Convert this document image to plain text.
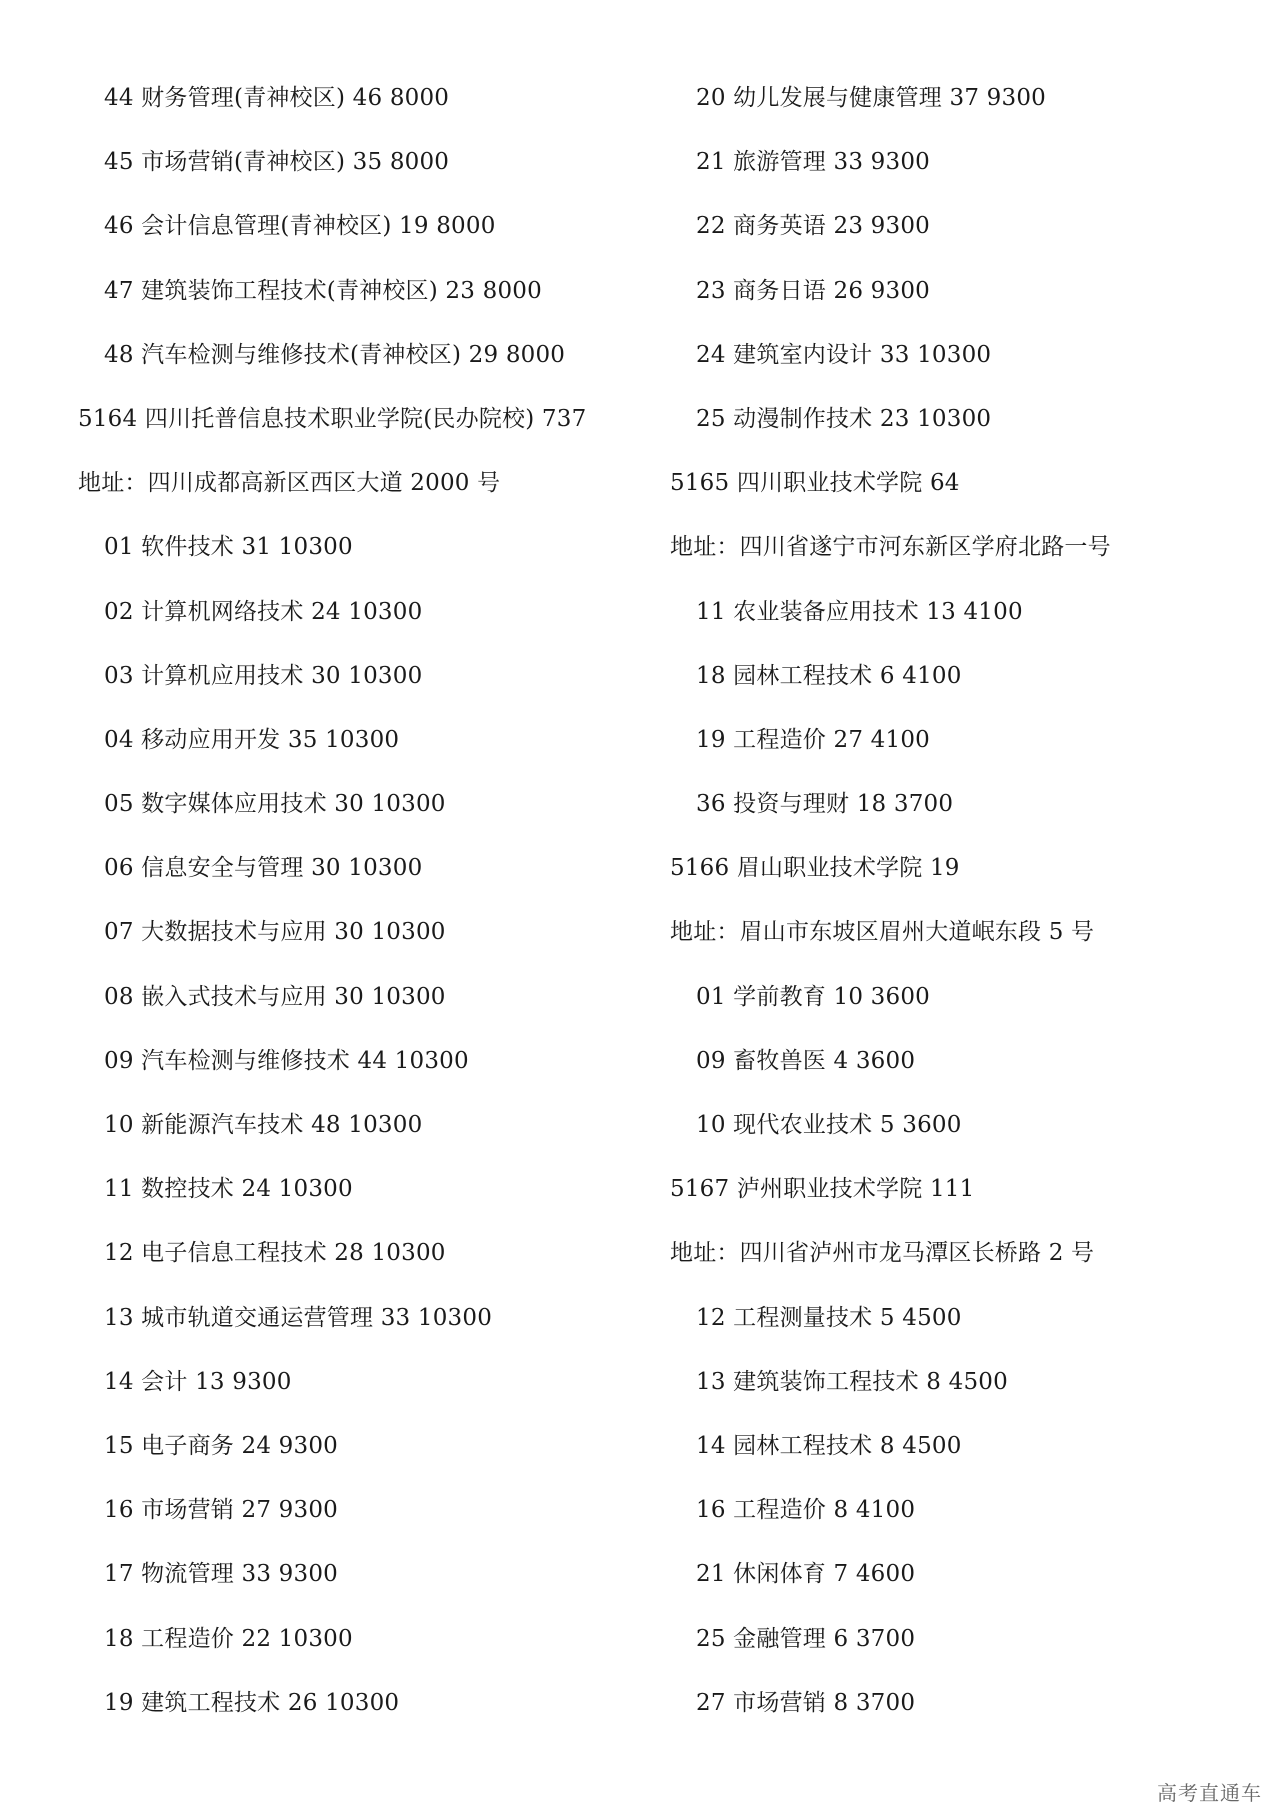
44 财务管理(青神校区) 46 8000
45 市场营销(青神校区) 35 8000
46 会计信息管理(青神校区) 19 8000
47 建筑装饰工程技术(青神校区) 23 8000
48 汽车检测与维修技术(青神校区) 29 8000
5164 四川托普信息技术职业学院(民办院校) 737
地址：四川成都高新区西区大道 2000 号
01 软件技术 31 10300
02 计算机网络技术 24 10300
03 计算机应用技术 30 10300
04 移动应用开发 35 10300
05 数字媒体应用技术 30 10300
06 信息安全与管理 30 10300
07 大数据技术与应用 30 10300
08 嵌入式技术与应用 30 10300
09 汽车检测与维修技术 44 10300
10 新能源汽车技术 48 10300
11 数控技术 24 10300
12 电子信息工程技术 28 10300
13 城市轨道交通运营管理 33 10300
14 会计 13 9300
15 电子商务 24 9300
16 市场营销 27 9300
17 物流管理 33 9300
18 工程造价 22 10300
19 建筑工程技术 26 10300
20 幼儿发展与健康管理 37 9300
21 旅游管理 33 9300
22 商务英语 23 9300
23 商务日语 26 9300
24 建筑室内设计 33 10300
25 动漫制作技术 23 10300
5165 四川职业技术学院 64
地址：四川省遂宁市河东新区学府北路一号
11 农业装备应用技术 13 4100
18 园林工程技术 6 4100
19 工程造价 27 4100
36 投资与理财 18 3700
5166 眉山职业技术学院 19
地址：眉山市东坡区眉州大道岷东段 5 号
01 学前教育 10 3600
09 畜牧兽医 4 3600
10 现代农业技术 5 3600
5167 泸州职业技术学院 111
地址：四川省泸州市龙马潭区长桥路 2 号
12 工程测量技术 5 4500
13 建筑装饰工程技术 8 4500
14 园林工程技术 8 4500
16 工程造价 8 4100
21 休闲体育 7 4600
25 金融管理 6 3700
27 市场营销 8 3700
高考直通车
